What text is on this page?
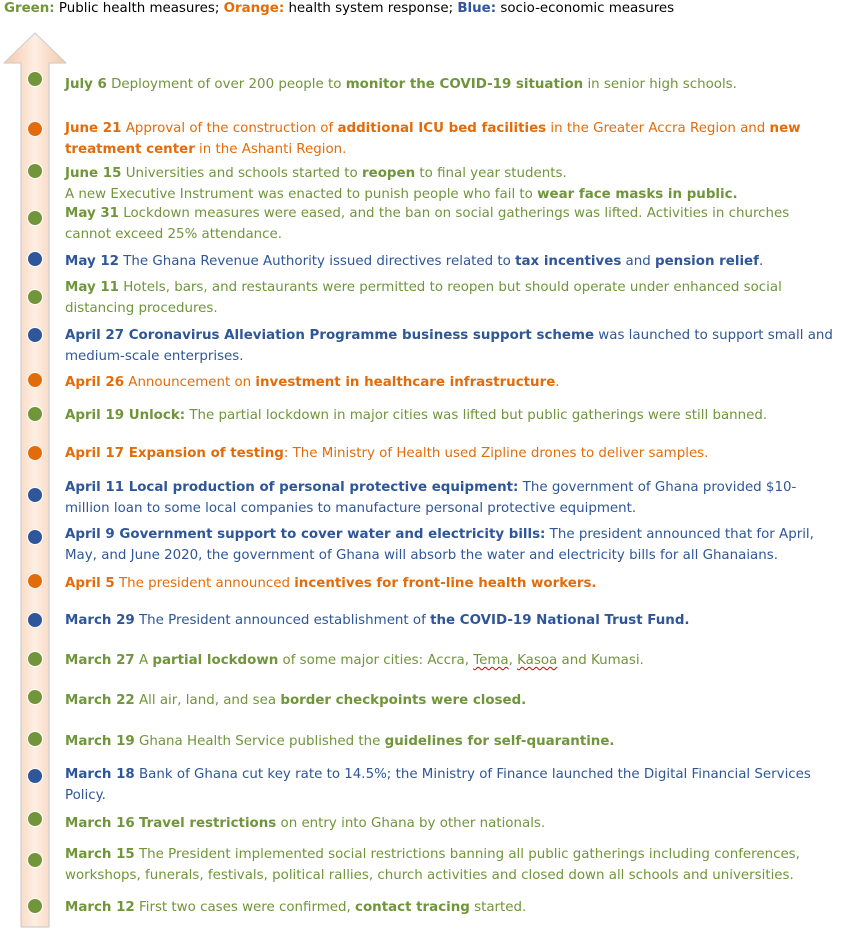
Green: Public health measures; Orange: health system response; Blue: socio-economic measures
July 6 Deployment of over 200 people to monitor the COVID-19 situation in senior high schools.
June 21 Approval of the construction of additional ICU bed facilities in the Greater Accra Region and new treatment center in the Ashanti Region.
June 15 Universities and schools started to reopen to final year students.
A new Executive Instrument was enacted to punish people who fail to wear face masks in public.
May 31 Lockdown measures were eased, and the ban on social gatherings was lifted. Activities in churches cannot exceed 25% attendance.
May 12 The Ghana Revenue Authority issued directives related to tax incentives and pension relief.
May 11 Hotels, bars, and restaurants were permitted to reopen but should operate under enhanced social distancing procedures.
April 27 Coronavirus Alleviation Programme business support scheme was launched to support small and medium-scale enterprises.
April 26 Announcement on investment in healthcare infrastructure.
April 19 Unlock: The partial lockdown in major cities was lifted but public gatherings were still banned.
April 17 Expansion of testing: The Ministry of Health used Zipline drones to deliver samples.
April 11 Local production of personal protective equipment: The government of Ghana provided $10-million loan to some local companies to manufacture personal protective equipment.
April 9 Government support to cover water and electricity bills: The president announced that for April, May, and June 2020, the government of Ghana will absorb the water and electricity bills for all Ghanaians.
April 5 The president announced incentives for front-line health workers.
March 29 The President announced establishment of the COVID-19 National Trust Fund.
March 27 A partial lockdown of some major cities: Accra, Tema, Kasoa and Kumasi.
March 22 All air, land, and sea border checkpoints were closed.
March 19 Ghana Health Service published the guidelines for self-quarantine.
March 18 Bank of Ghana cut key rate to 14.5%; the Ministry of Finance launched the Digital Financial Services Policy.
March 16 Travel restrictions on entry into Ghana by other nationals.
March 15 The President implemented social restrictions banning all public gatherings including conferences, workshops, funerals, festivals, political rallies, church activities and closed down all schools and universities.
March 12 First two cases were confirmed, contact tracing started.
